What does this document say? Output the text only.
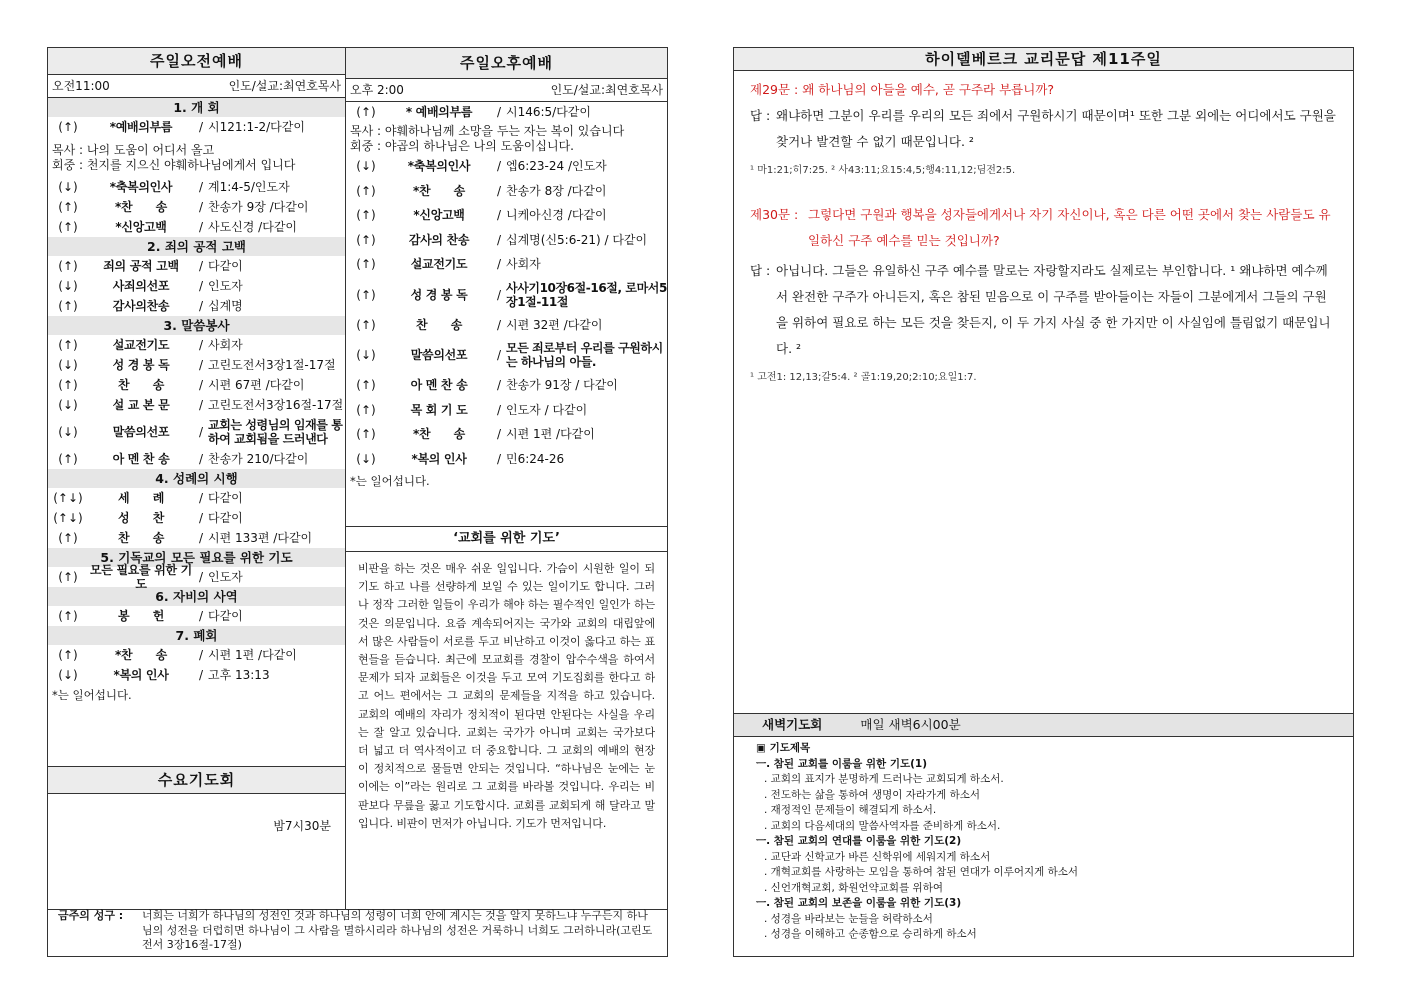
주일오전예배
오전11:00	인도/설교:최연호목사
1. 개 회
(↑)	*예배의부름	/ 시121:1-2/다같이
목사 : 나의 도움이 어디서 올고
회중 : 천지를 지으신 야훼하나님에게서 입니다
(↓)	*축복의인사	/ 계1:4-5/인도자
(↑)	*찬　　송	/ 찬송가 9장 /다같이
(↑)	*신앙고백	/ 사도신경 /다같이
2. 죄의 공적 고백
(↑)	죄의 공적 고백	/ 다같이
(↓)	사죄의선포	/ 인도자
(↑)	감사의찬송	/ 십계명
3. 말씀봉사
(↑)	설교전기도	/ 사회자
(↓)	성 경 봉 독	/ 고린도전서3장1절-17절
(↑)	찬　　송	/ 시편 67편 /다같이
(↓)	설 교 본 문	/ 고린도전서3장16절-17절
(↓)	말씀의선포	/ 교회는 성령님의 임재를 통하여 교회됨을 드러낸다
(↑)	아 멘 찬 송	/ 찬송가 210/다같이
4. 성례의 시행
(↑↓)	세　　례	/ 다같이
(↑↓)	성　　찬	/ 다같이
(↑)	찬　　송	/ 시편 133편 /다같이
5. 기독교의 모든 필요를 위한 기도
(↑)	모든 필요를 위한 기도	/ 인도자
6. 자비의 사역
(↑)	봉　　헌	/ 다같이
7. 폐회
(↑)	*찬　　송	/ 시편 1편 /다같이
(↓)	*복의 인사	/ 고후 13:13
*는 일어섭니다.
수요기도회
밤7시30분
주일오후예배
오후 2:00	인도/설교:최연호목사
(↑)	* 예배의부름	/ 시146:5/다같이
목사 : 야훼하나님께 소망을 두는 자는 복이 있습니다
회중 : 야곱의 하나님은 나의 도움이십니다.
(↓)	*축복의인사	/ 엡6:23-24 /인도자
(↑)	*찬　　송	/ 찬송가 8장 /다같이
(↑)	*신앙고백	/ 니케아신경 /다같이
(↑)	감사의 찬송	/ 십계명(신5:6-21) / 다같이
(↑)	설교전기도	/ 사회자
(↑)	성 경 봉 독	/ 사사기10장6절-16절, 로마서5장1절-11절
(↑)	찬　　송	/ 시편 32편 /다같이
(↓)	말씀의선포	/ 모든 죄로부터 우리를 구원하시는 하나님의 아들.
(↑)	아 멘 찬 송	/ 찬송가 91장 / 다같이
(↑)	목 회 기 도	/ 인도자 / 다같이
(↑)	*찬　　송	/ 시편 1편 /다같이
(↓)	*복의 인사	/ 민6:24-26
*는 일어섭니다.
‘교회를 위한 기도’
비판을 하는 것은 매우 쉬운 일입니다. 가슴이 시원한 일이 되기도 하고 나를 선량하게 보일 수 있는 일이기도 합니다. 그러나 정작 그러한 일들이 우리가 해야 하는 필수적인 일인가 하는 것은 의문입니다. 요즘 계속되어지는 국가와 교회의 대립앞에서 많은 사람들이 서로를 두고 비난하고 이것이 옳다고 하는 표현들을 듣습니다. 최근에 모교회를 경찰이 압수수색을 하여서 문제가 되자 교회들은 이것을 두고 모여 기도집회를 한다고 하고 어느 편에서는 그 교회의 문제들을 지적을 하고 있습니다. 교회의 예배의 자리가 정치적이 된다면 안된다는 사실을 우리는 잘 알고 있습니다. 교회는 국가가 아니며 교회는 국가보다 더 넓고 더 역사적이고 더 중요합니다. 그 교회의 예배의 현장이 정치적으로 물들면 안되는 것입니다. “하나님은 눈에는 눈 이에는 이”라는 원리로 그 교회를 바라볼 것입니다. 우리는 비판보다 무릎을 꿇고 기도합시다. 교회를 교회되게 해 달라고 말입니다. 비판이 먼저가 아닙니다. 기도가 먼저입니다.
금주의 성구 :	너희는 너희가 하나님의 성전인 것과 하나님의 성령이 너희 안에 계시는 것을 알지 못하느냐 누구든지 하나님의 성전을 더럽히면 하나님이 그 사람을 멸하시리라 하나님의 성전은 거룩하니 너희도 그러하니라(고린도전서 3장16절-17절)
하이델베르크 교리문답 제11주일
제29문 : 왜 하나님의 아들을 예수, 곧 구주라 부릅니까?
답 : 왜냐하면 그분이 우리를 우리의 모든 죄에서 구원하시기 때문이며¹ 또한 그분 외에는 어디에서도 구원을 찾거나 발견할 수 없기 때문입니다. ²
¹ 마1:21;히7:25. ² 사43:11;요15:4,5;행4:11,12;딤전2:5.
제30문 : 그렇다면 구원과 행복을 성자들에게서나 자기 자신이나, 혹은 다른 어떤 곳에서 찾는 사람들도 유일하신 구주 예수를 믿는 것입니까?
답 : 아닙니다. 그들은 유일하신 구주 예수를 말로는 자랑할지라도 실제로는 부인합니다. ¹ 왜냐하면 예수께서 완전한 구주가 아니든지, 혹은 참된 믿음으로 이 구주를 받아들이는 자들이 그분에게서 그들의 구원을 위하여 필요로 하는 모든 것을 찾든지, 이 두 가지 사실 중 한 가지만 이 사실임에 틀림없기 때문입니다. ²
¹ 고전1: 12,13;갈5:4. ² 골1:19,20;2:10;요일1:7.
새벽기도회	매일 새벽6시00분
▣ 기도제목
ㅡ. 참된 교회를 이룸을 위한 기도(1)
. 교회의 표지가 분명하게 드러나는 교회되게 하소서.
. 전도하는 삶을 통하여 생명이 자라가게 하소서
. 재정적인 문제들이 해결되게 하소서.
. 교회의 다음세대의 말씀사역자를 준비하게 하소서.
ㅡ. 참된 교회의 연대를 이룸을 위한 기도(2)
. 교단과 신학교가 바른 신학위에 세워지게 하소서
. 개혁교회를 사랑하는 모임을 통하여 참된 연대가 이루어지게 하소서
. 신언개혁교회, 화원언약교회를 위하여
ㅡ. 참된 교회의 보존을 이룸을 위한 기도(3)
. 성경을 바라보는 눈들을 허락하소서
. 성경을 이해하고 순종함으로 승리하게 하소서
